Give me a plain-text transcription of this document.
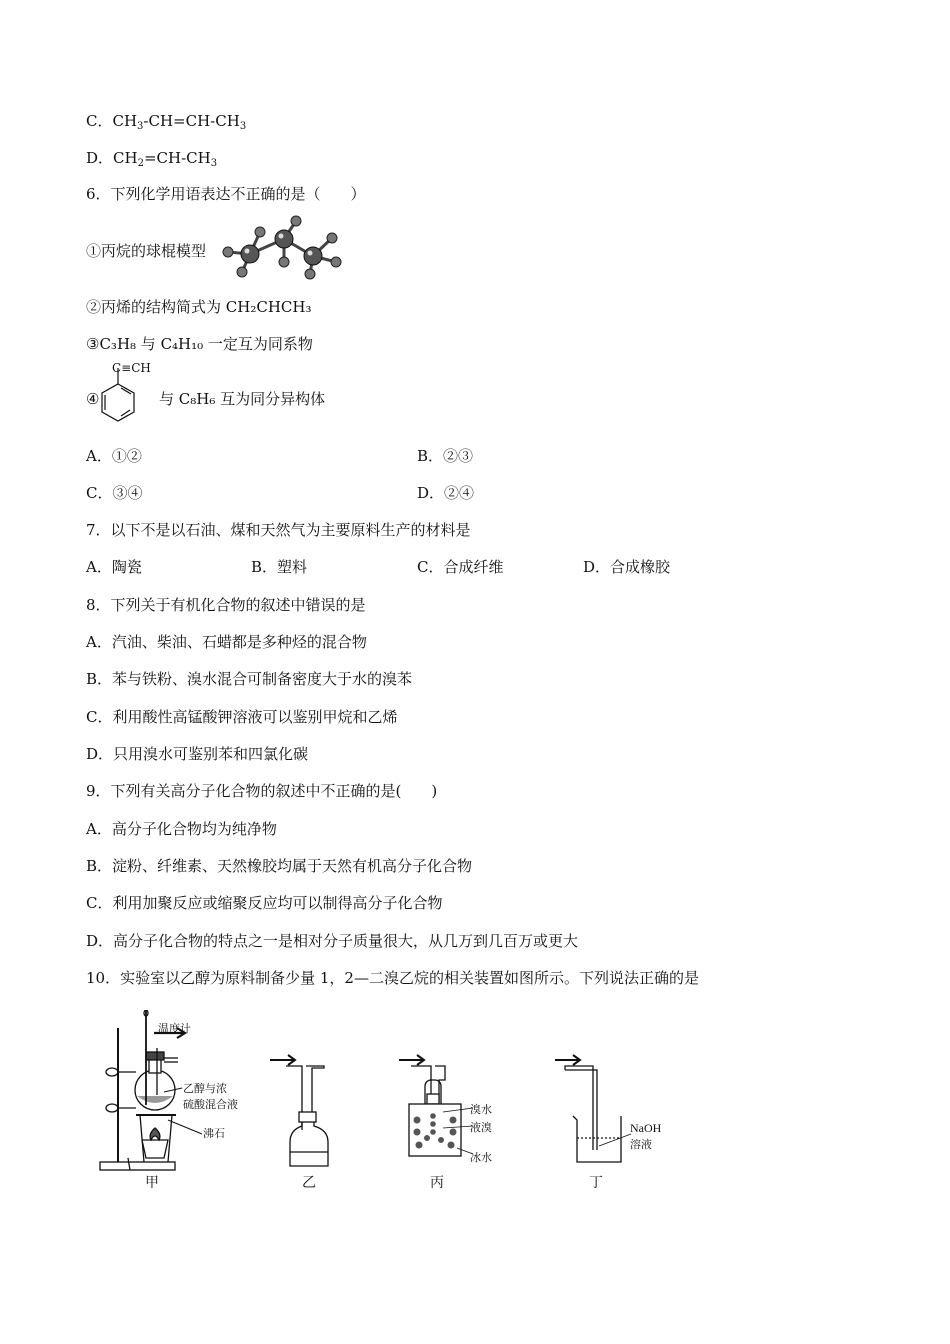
C．$CH_3-CH=CH-CH_3$
D．$CH_2=CH-CH_3$
6．下列化学用语表达不正确的是（　　）
①丙烷的球棍模型
②丙烯的结构简式为 CH₂CHCH₃
③C₃H₈ 与 C₄H₁₀ 一定互为同系物
④
C≡CH
与 C₈H₆ 互为同分异构体
A．①②	B．②③
C．③④	D．②④
7．以下不是以石油、煤和天然气为主要原料生产的材料是
A．陶瓷	B．塑料	C．合成纤维	D．合成橡胶
8．下列关于有机化合物的叙述中错误的是
A．汽油、柴油、石蜡都是多种烃的混合物
B．苯与铁粉、溴水混合可制备密度大于水的溴苯
C．利用酸性高锰酸钾溶液可以鉴别甲烷和乙烯
D．只用溴水可鉴别苯和四氯化碳
9．下列有关高分子化合物的叙述中不正确的是(　　)
A．高分子化合物均为纯净物
B．淀粉、纤维素、天然橡胶均属于天然有机高分子化合物
C．利用加聚反应或缩聚反应均可以制得高分子化合物
D．高分子化合物的特点之一是相对分子质量很大，从几万到几百万或更大
10．实验室以乙醇为原料制备少量 1，2—二溴乙烷的相关装置如图所示。下列说法正确的是
温度计
乙醇与浓
硫酸混合液
沸石
甲	乙
溴水
液溴
冰水
丙
NaOH
溶液
丁
